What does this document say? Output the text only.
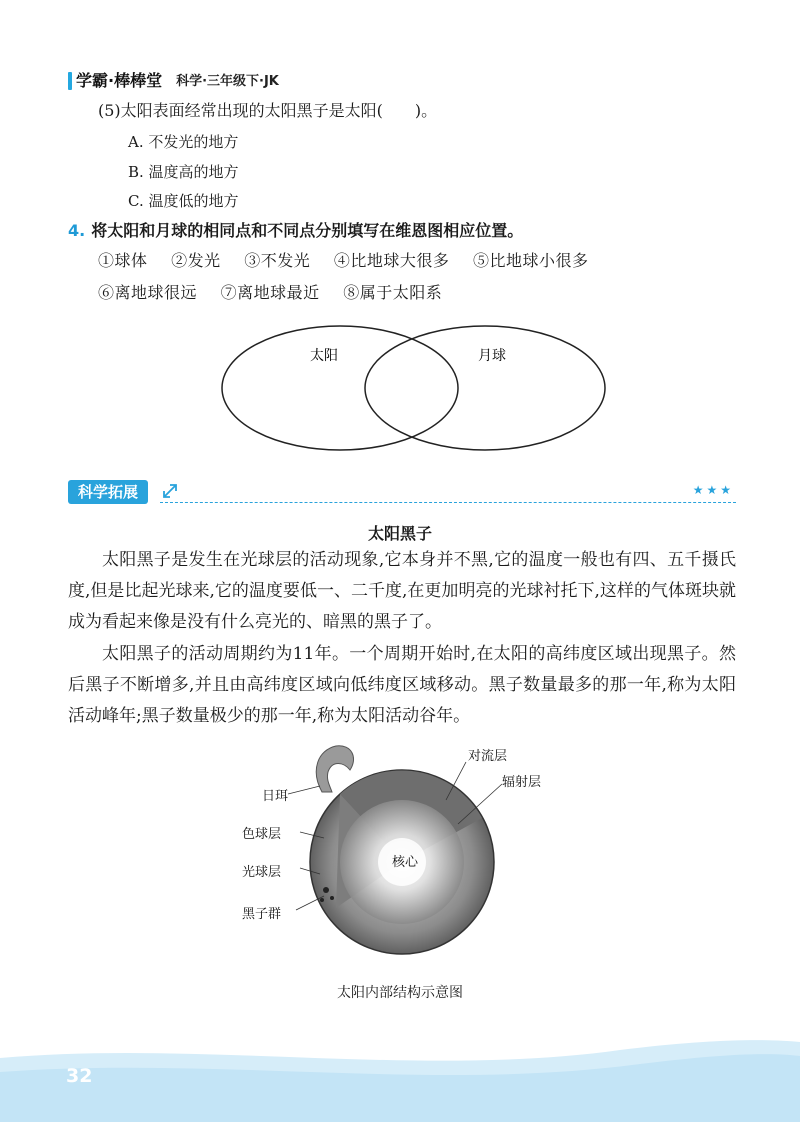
学霸·棒棒堂 科学·三年级下·JK
(5)太阳表面经常出现的太阳黑子是太阳(　　)。
A. 不发光的地方
B. 温度高的地方
C. 温度低的地方
4. 将太阳和月球的相同点和不同点分别填写在维恩图相应位置。
①球体 ②发光 ③不发光 ④比地球大很多 ⑤比地球小很多
⑥离地球很远 ⑦离地球最近 ⑧属于太阳系
太阳	月球
科学拓展	★★★
太阳黑子
太阳黑子是发生在光球层的活动现象,它本身并不黑,它的温度一般也有四、五千摄氏度,但是比起光球来,它的温度要低一、二千度,在更加明亮的光球衬托下,这样的气体斑块就成为看起来像是没有什么亮光的、暗黑的黑子了。
太阳黑子的活动周期约为11年。一个周期开始时,在太阳的高纬度区域出现黑子。然后黑子不断增多,并且由高纬度区域向低纬度区域移动。黑子数量最多的那一年,称为太阳活动峰年;黑子数量极少的那一年,称为太阳活动谷年。
日珥
色球层
光球层
黑子群
对流层
辐射层
核心
太阳内部结构示意图
32
